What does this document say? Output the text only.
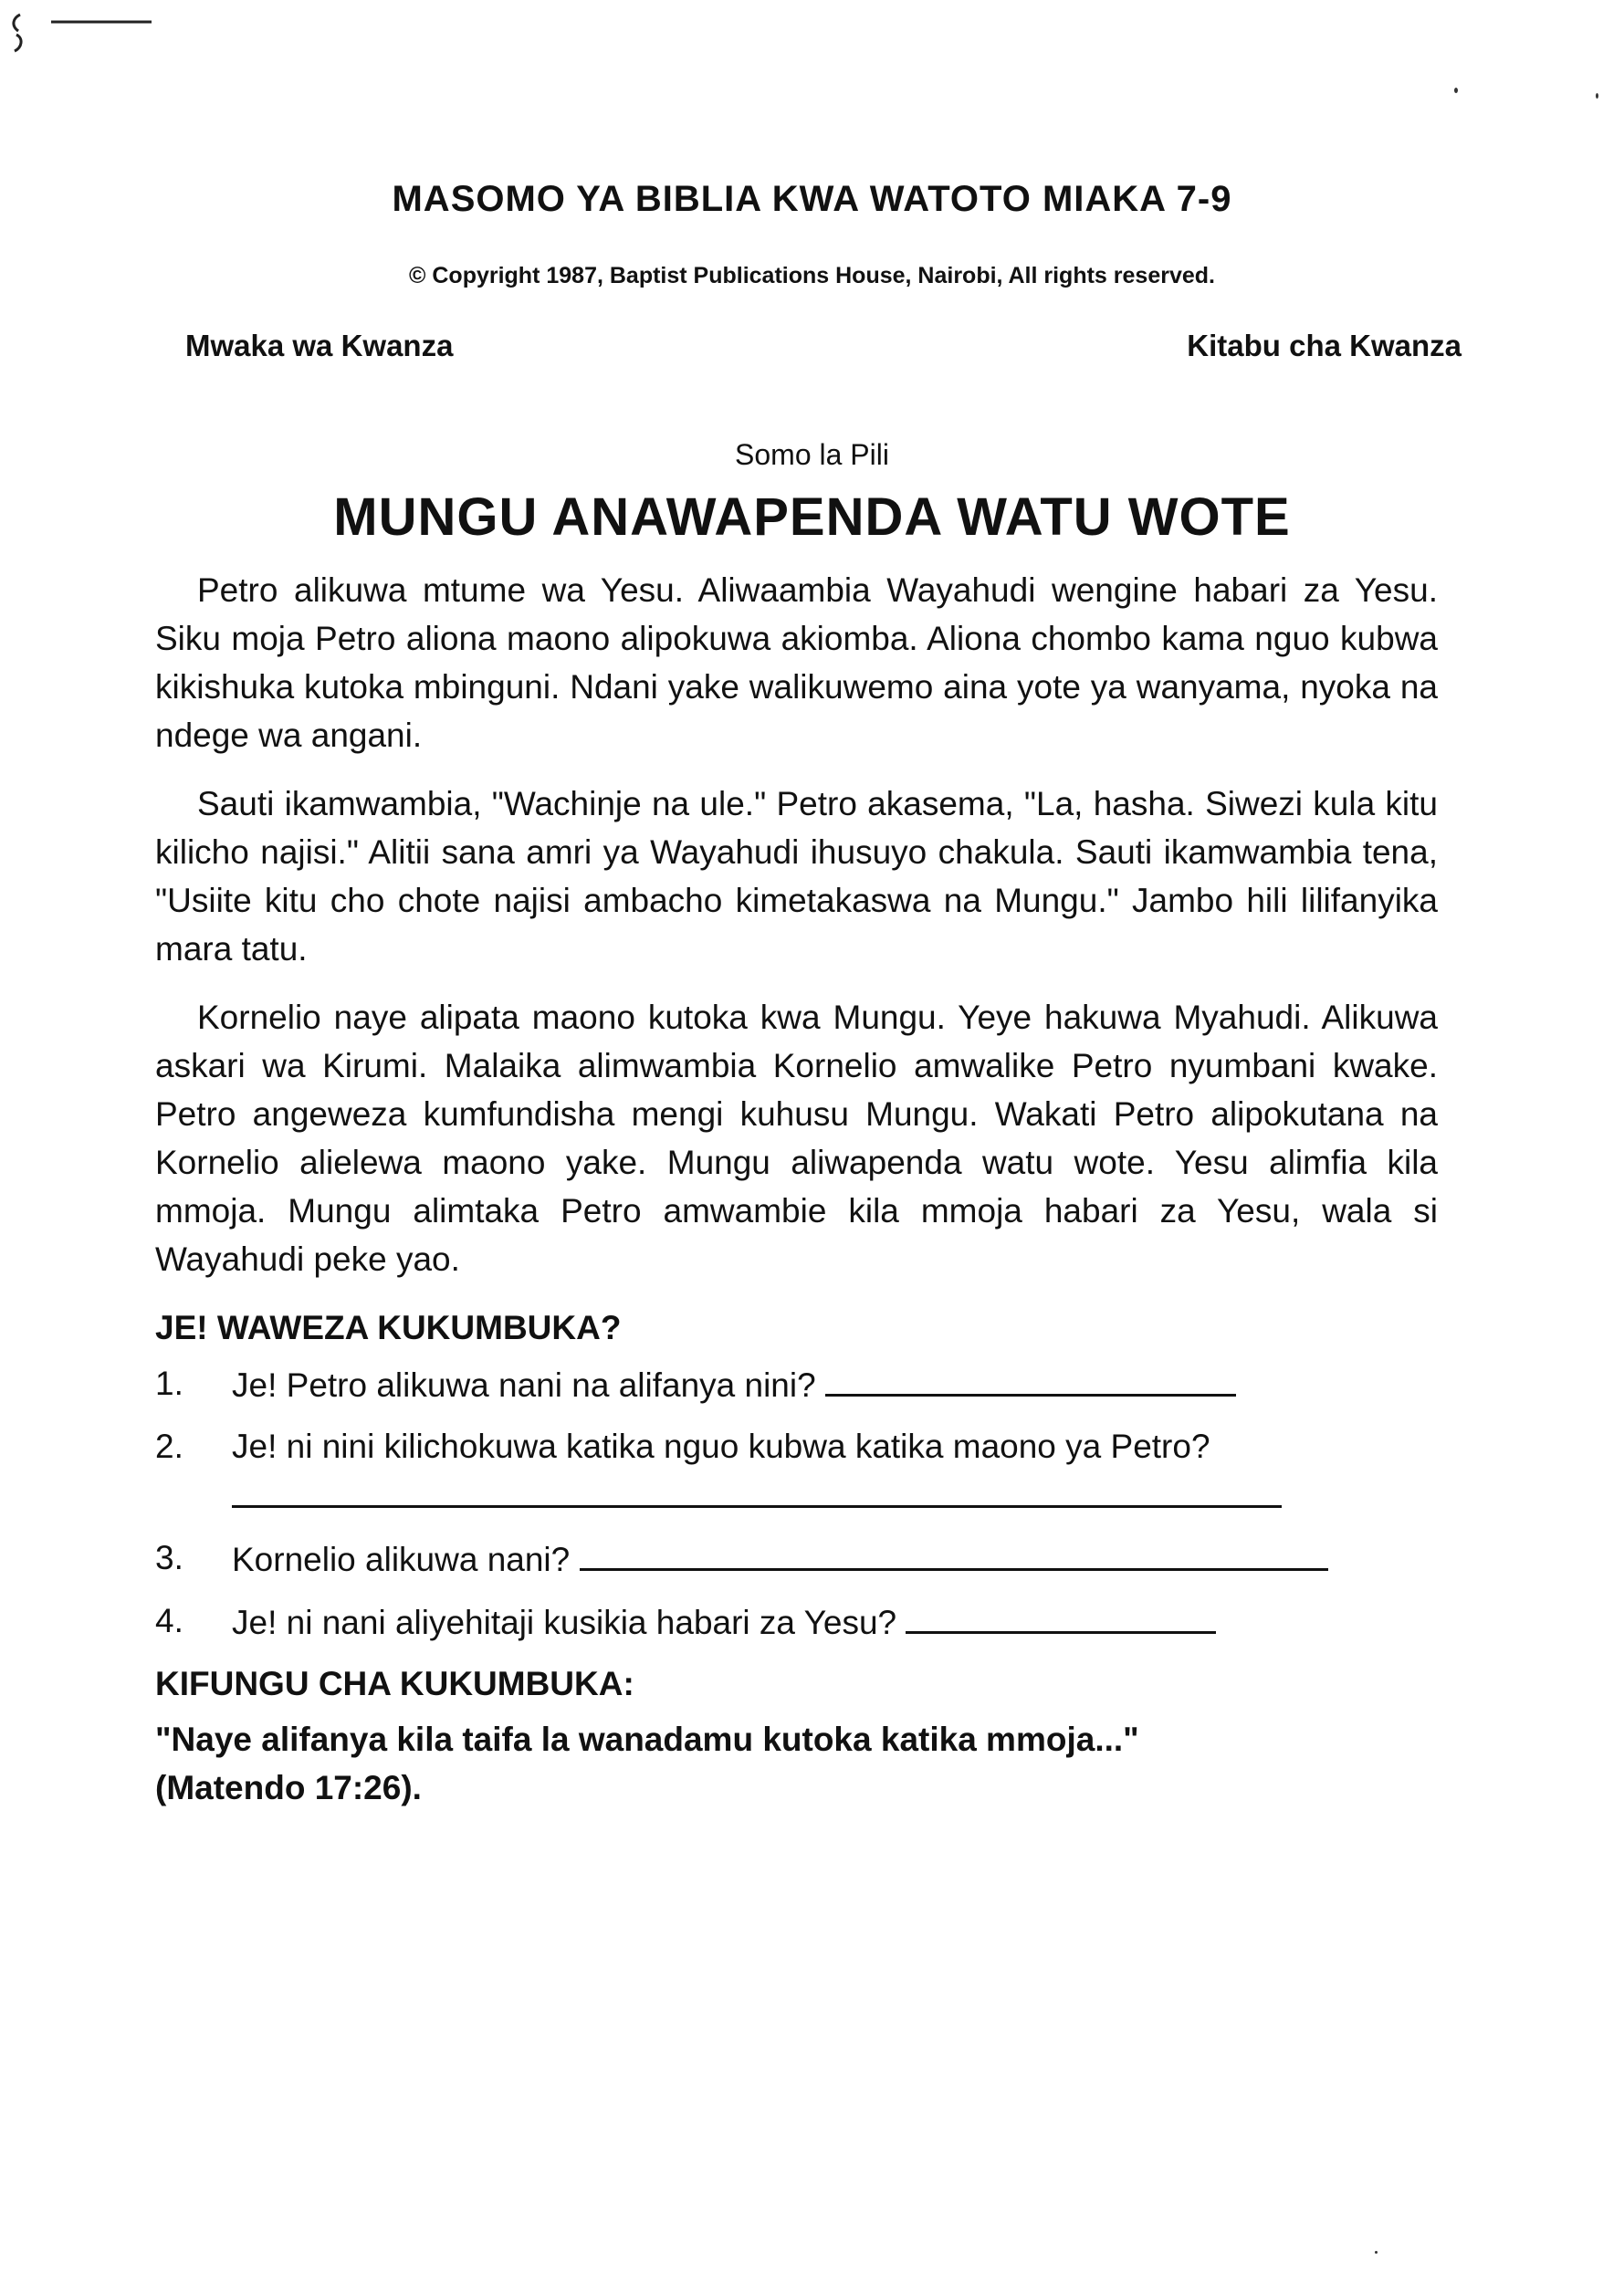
MASOMO YA BIBLIA KWA WATOTO MIAKA 7-9
© Copyright 1987, Baptist Publications House, Nairobi, All rights reserved.
Mwaka wa Kwanza	Kitabu cha Kwanza
Somo la Pili
MUNGU ANAWAPENDA WATU WOTE

Petro alikuwa mtume wa Yesu. Aliwaambia Wayahudi wengine habari za Yesu. Siku moja Petro aliona maono alipokuwa akiomba. Aliona chombo kama nguo kubwa kikishuka kutoka mbinguni. Ndani yake walikuwemo aina yote ya wanyama, nyoka na ndege wa angani.

Sauti ikamwambia, "Wachinje na ule." Petro akasema, "La, hasha. Siwezi kula kitu kilicho najisi." Alitii sana amri ya Wayahudi ihusuyo chakula. Sauti ikamwambia tena, "Usiite kitu cho chote najisi ambacho kimetakaswa na Mungu." Jambo hili lilifanyika mara tatu.

Kornelio naye alipata maono kutoka kwa Mungu. Yeye hakuwa Myahudi. Alikuwa askari wa Kirumi. Malaika alimwambia Kornelio amwalike Petro nyumbani kwake. Petro angeweza kumfundisha mengi kuhusu Mungu. Wakati Petro alipokutana na Kornelio alielewa maono yake. Mungu aliwapenda watu wote. Yesu alimfia kila mmoja. Mungu alimtaka Petro amwambie kila mmoja habari za Yesu, wala si Wayahudi peke yao.

JE! WAWEZA KUKUMBUKA?
1.	Je! Petro alikuwa nani na alifanya nini?
2.	Je! ni nini kilichokuwa katika nguo kubwa katika maono ya Petro?
3.	Kornelio alikuwa nani?
4.	Je! ni nani aliyehitaji kusikia habari za Yesu?
KIFUNGU CHA KUKUMBUKA:
"Naye alifanya kila taifa la wanadamu kutoka katika mmoja..."
(Matendo 17:26).
